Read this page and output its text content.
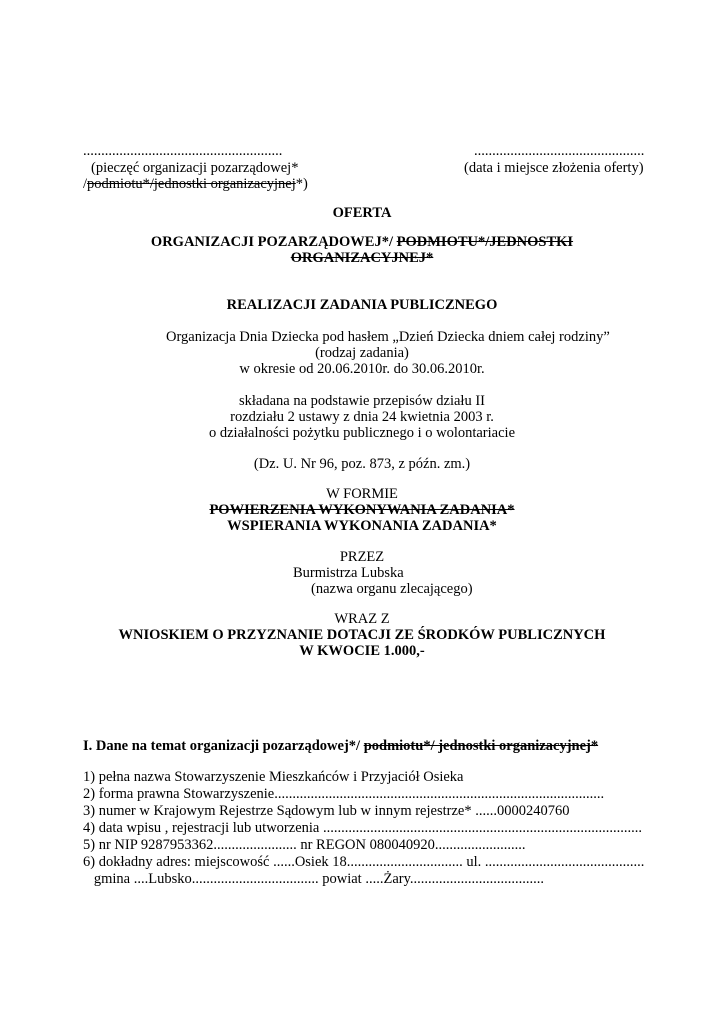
.......................................................
(pieczęć organizacji pozarządowej*
/podmiotu*/jednostki organizacyjnej*)
...............................................
(data i miejsce złożenia oferty)
OFERTA
ORGANIZACJI POZARZĄDOWEJ*/ PODMIOTU*/JEDNOSTKI
ORGANIZACYJNEJ*
REALIZACJI ZADANIA PUBLICZNEGO
Organizacja Dnia Dziecka pod hasłem „Dzień Dziecka dniem całej rodziny”
(rodzaj zadania)
w okresie od 20.06.2010r. do 30.06.2010r.
składana na podstawie przepisów działu II
rozdziału 2 ustawy z dnia 24 kwietnia 2003 r.
o działalności pożytku publicznego i o wolontariacie
(Dz. U. Nr 96, poz. 873, z późn. zm.)
W FORMIE
POWIERZENIA WYKONYWANIA ZADANIA*
WSPIERANIA WYKONANIA ZADANIA*
PRZEZ
Burmistrza Lubska
(nazwa organu zlecającego)
WRAZ Z
WNIOSKIEM O PRZYZNANIE DOTACJI ZE ŚRODKÓW PUBLICZNYCH
W KWOCIE 1.000,-
I. Dane na temat organizacji pozarządowej*/ podmiotu*/ jednostki organizacyjnej*
1) pełna nazwa Stowarzyszenie Mieszkańców i Przyjaciół Osieka
2) forma prawna Stowarzyszenie...........................................................................................
3) numer w Krajowym Rejestrze Sądowym lub w innym rejestrze* ......0000240760
4) data wpisu , rejestracji lub utworzenia ........................................................................................
5) nr NIP 9287953362....................... nr REGON 080040920.........................
6) dokładny adres: miejscowość ......Osiek 18................................ ul. ............................................
gmina ....Lubsko................................... powiat .....Żary.....................................
